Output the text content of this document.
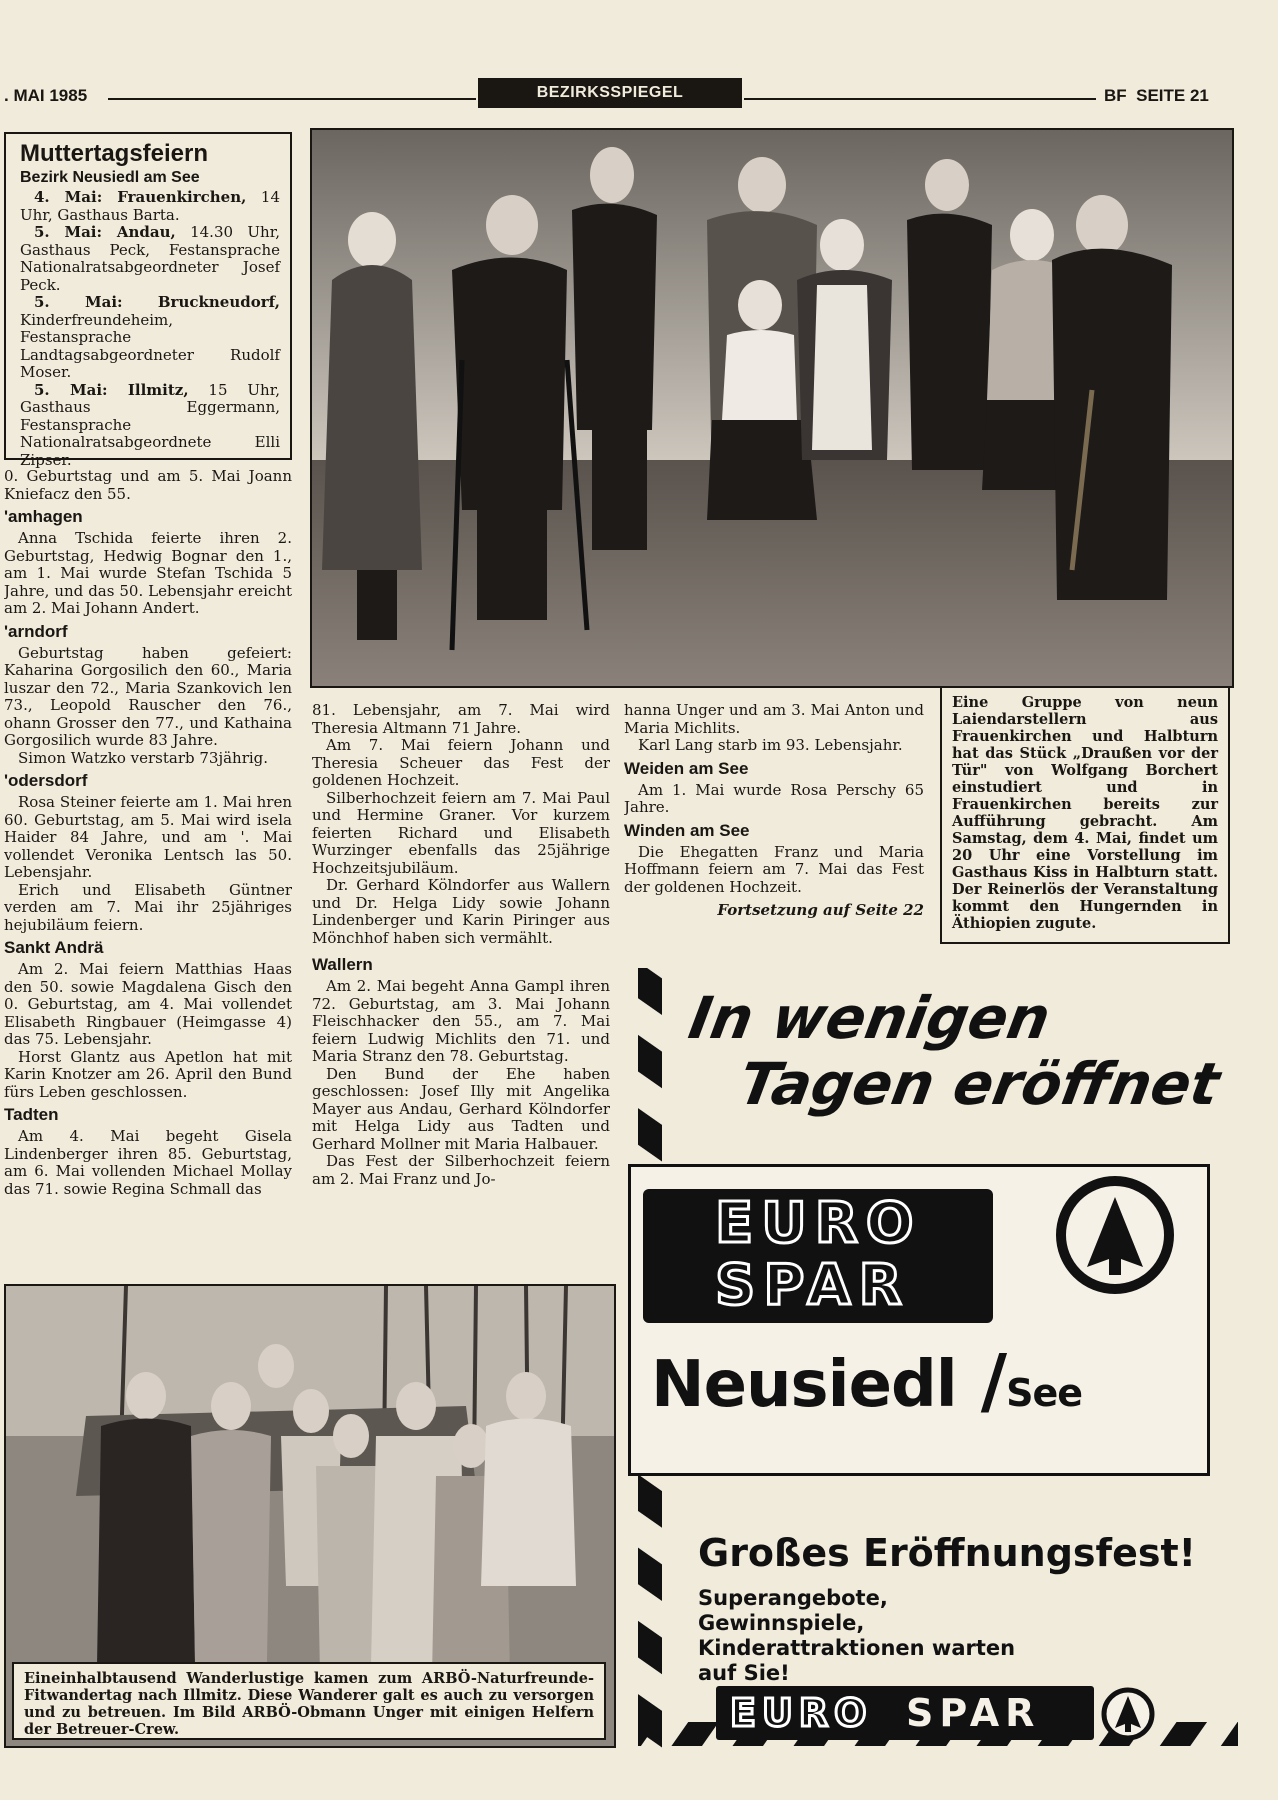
. MAI 1985	BEZIRKSSPIEGEL	BF  SEITE 21
Muttertagsfeiern
Bezirk Neusiedl am See

4. Mai: Frauenkirchen, 14 Uhr, Gasthaus Barta.

5. Mai: Andau, 14.30 Uhr, Gasthaus Peck, Festansprache Nationalratsabgeordneter Josef Peck.

5. Mai: Bruckneudorf, Kinderfreundeheim, Festansprache Landtagsabgeordneter Rudolf Moser.

5. Mai: Illmitz, 15 Uhr, Gasthaus Eggermann, Festansprache Nationalratsabgeordnete Elli Zipser.

0. Geburtstag und am 5. Mai Joann Kniefacz den 55.

'amhagen

Anna Tschida feierte ihren 2. Geburtstag, Hedwig Bognar den 1., am 1. Mai wurde Stefan Tschida 5 Jahre, und das 50. Lebensjahr erеicht am 2. Mai Johann Andert.

'arndorf

Geburtstag haben gefeiert: Kaharina Gorgosilich den 60., Maria luszar den 72., Maria Szankovich len 73., Leopold Rauscher den 76., ohann Grosser den 77., und Kathaina Gorgosilich wurde 83 Jahre.

Simon Watzko verstarb 73jährig.

'odersdorf

Rosa Steiner feierte am 1. Mai hren 60. Geburtstag, am 5. Mai wird isela Haider 84 Jahre, und am '. Mai vollendet Veronika Lentsch las 50. Lebensjahr.

Erich und Elisabeth Güntner verden am 7. Mai ihr 25jähriges hejubiläum feiern.

Sankt Andrä

Am 2. Mai feiern Matthias Haas den 50. sowie Magdalena Gisch den 0. Geburtstag, am 4. Mai vollendet Elisabeth Ringbauer (Heimgasse 4) das 75. Lebensjahr.

Horst Glantz aus Apetlon hat mit Karin Knotzer am 26. April den Bund fürs Leben geschlossen.

Tadten

Am 4. Mai begeht Gisela Lindenberger ihren 85. Geburtstag, am 6. Mai vollenden Michael Mollay das 71. sowie Regina Schmall das

81. Lebensjahr, am 7. Mai wird Theresia Altmann 71 Jahre.

Am 7. Mai feiern Johann und Theresia Scheuer das Fest der goldenen Hochzeit.

Silberhochzeit feiern am 7. Mai Paul und Hermine Graner. Vor kurzem feierten Richard und Elisabeth Wurzinger ebenfalls das 25jährige Hochzeitsjubiläum.

Dr. Gerhard Kölndorfer aus Wallern und Dr. Helga Lidy sowie Johann Lindenberger und Karin Piringer aus Mönchhof haben sich vermählt.

Wallern

Am 2. Mai begeht Anna Gampl ihren 72. Geburtstag, am 3. Mai Johann Fleischhacker den 55., am 7. Mai feiern Ludwig Michlits den 71. und Maria Stranz den 78. Geburtstag.

Den Bund der Ehe haben geschlossen: Josef Illy mit Angelika Mayer aus Andau, Gerhard Kölndorfer mit Helga Lidy aus Tadten und Gerhard Mollner mit Maria Halbauer.

Das Fest der Silberhochzeit feiern am 2. Mai Franz und Jo-

hanna Unger und am 3. Mai Anton und Maria Michlits.

Karl Lang starb im 93. Lebensjahr.

Weiden am See

Am 1. Mai wurde Rosa Perschy 65 Jahre.

Winden am See

Die Ehegatten Franz und Maria Hoffmann feiern am 7. Mai das Fest der goldenen Hochzeit.

Fortsetzung auf Seite 22

Eine Gruppe von neun Laiendarstellern aus Frauenkirchen und Halbturn hat das Stück „Draußen vor der Tür" von Wolfgang Borchert einstudiert und in Frauenkirchen bereits zur Aufführung gebracht. Am Samstag, dem 4. Mai, findet um 20 Uhr eine Vorstellung im Gasthaus Kiss in Halbturn statt. Der Reinerlös der Veranstaltung kommt den Hungernden in Äthiopien zugute.
Eineinhalbtausend Wanderlustige kamen zum ARBÖ-Naturfreunde-Fitwandertag nach Illmitz. Diese Wanderer galt es auch zu versorgen und zu betreuen. Im Bild ARBÖ-Obmann Unger mit einigen Helfern der Betreuer-Crew.
In wenigen
Tagen eröffnet
EURO
SPAR
Neusiedl /See
Großes Eröffnungsfest!
Superangebote, Gewinnspiele, Kinderattraktionen warten auf Sie!
EURO SPAR
